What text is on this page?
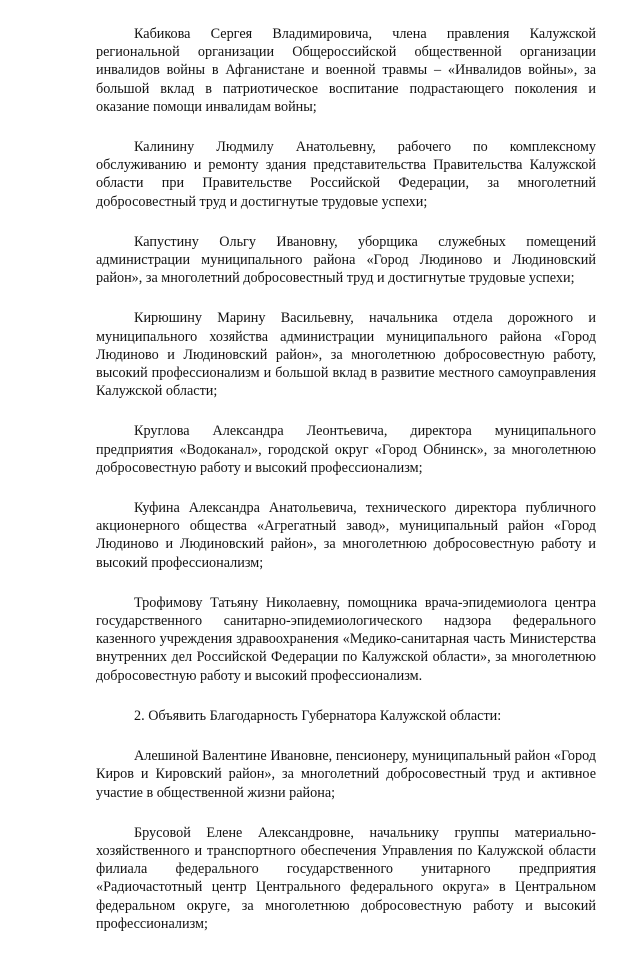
Кабикова Сергея Владимировича, члена правления Калужской региональной организации Общероссийской общественной организации инвалидов войны в Афганистане и военной травмы – «Инвалидов войны», за большой вклад в патриотическое воспитание подрастающего поколения и оказание помощи инвалидам войны;

Калинину Людмилу Анатольевну, рабочего по комплексному обслуживанию и ремонту здания представительства Правительства Калужской области при Правительстве Российской Федерации, за многолетний добросовестный труд и достигнутые трудовые успехи;

Капустину Ольгу Ивановну, уборщика служебных помещений администрации муниципального района «Город Людиново и Людиновский район», за многолетний добросовестный труд и достигнутые трудовые успехи;

Кирюшину Марину Васильевну, начальника отдела дорожного и муниципального хозяйства администрации муниципального района «Город Людиново и Людиновский район», за многолетнюю добросовестную работу, высокий профессионализм и большой вклад в развитие местного самоуправления Калужской области;

Круглова Александра Леонтьевича, директора муниципального предприятия «Водоканал», городской округ «Город Обнинск», за многолетнюю добросовестную работу и высокий профессионализм;

Куфина Александра Анатольевича, технического директора публичного акционерного общества «Агрегатный завод», муниципальный район «Город Людиново и Людиновский район», за многолетнюю добросовестную работу и высокий профессионализм;

Трофимову Татьяну Николаевну, помощника врача-эпидемиолога центра государственного санитарно-эпидемиологического надзора федерального казенного учреждения здравоохранения «Медико-санитарная часть Министерства внутренних дел Российской Федерации по Калужской области», за многолетнюю добросовестную работу и высокий профессионализм.

2. Объявить Благодарность Губернатора Калужской области:

Алешиной Валентине Ивановне, пенсионеру, муниципальный район «Город Киров и Кировский район», за многолетний добросовестный труд и активное участие в общественной жизни района;

Брусовой Елене Александровне, начальнику группы материально-хозяйственного и транспортного обеспечения Управления по Калужской области филиала федерального государственного унитарного предприятия «Радиочастотный центр Центрального федерального округа» в Центральном федеральном округе, за многолетнюю добросовестную работу и высокий профессионализм;
